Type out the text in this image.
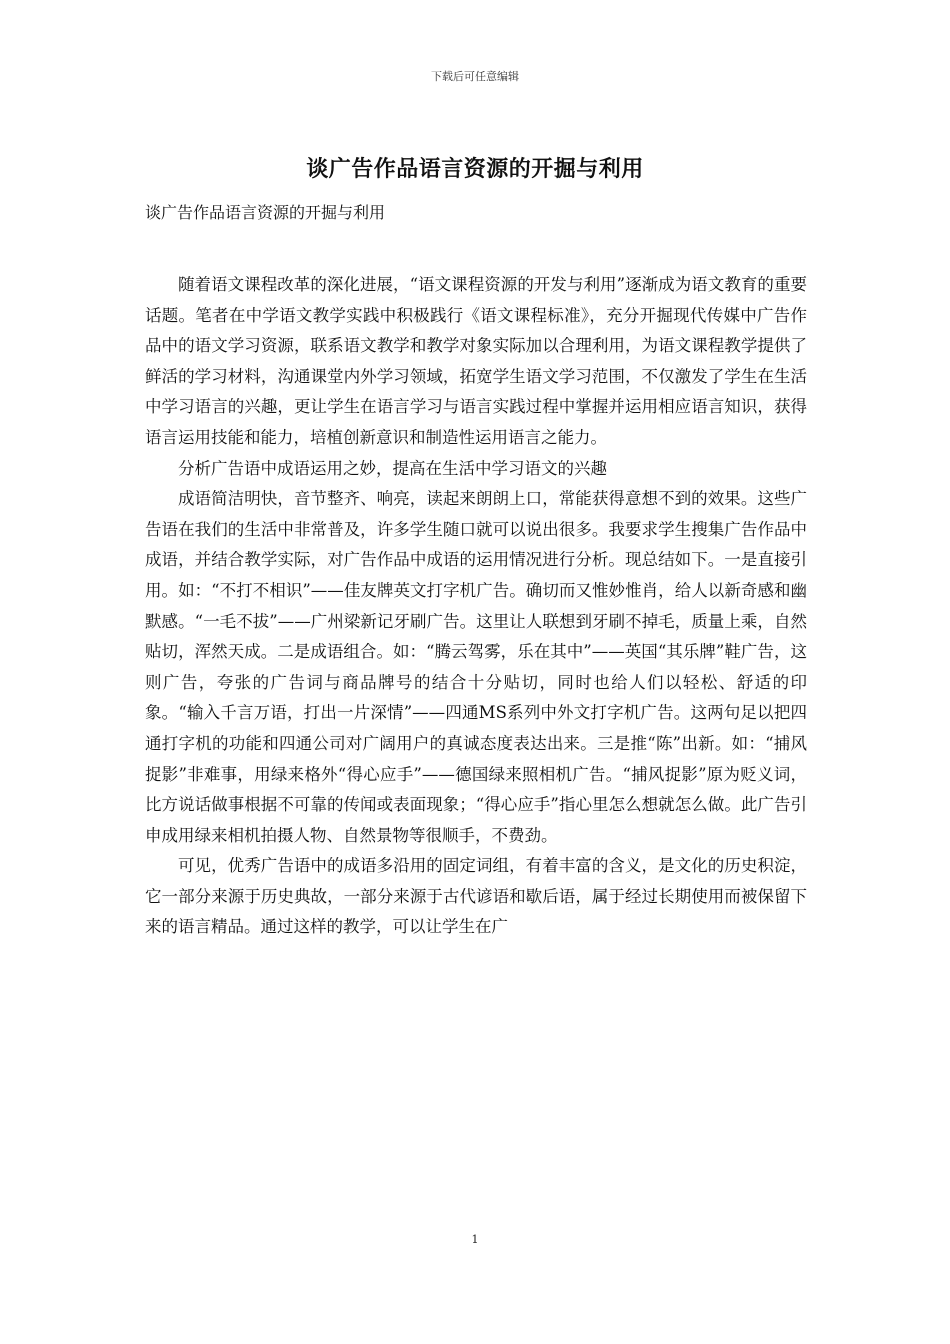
下载后可任意编辑
谈广告作品语言资源的开掘与利用
谈广告作品语言资源的开掘与利用

随着语文课程改革的深化进展，“语文课程资源的开发与利用”逐渐成为语文教育的重要话题。笔者在中学语文教学实践中积极践行《语文课程标准》，充分开掘现代传媒中广告作品中的语文学习资源，联系语文教学和教学对象实际加以合理利用，为语文课程教学提供了鲜活的学习材料，沟通课堂内外学习领域，拓宽学生语文学习范围，不仅激发了学生在生活中学习语言的兴趣，更让学生在语言学习与语言实践过程中掌握并运用相应语言知识，获得语言运用技能和能力，培植创新意识和制造性运用语言之能力。

分析广告语中成语运用之妙，提高在生活中学习语文的兴趣

成语简洁明快，音节整齐、响亮，读起来朗朗上口，常能获得意想不到的效果。这些广告语在我们的生活中非常普及，许多学生随口就可以说出很多。我要求学生搜集广告作品中成语，并结合教学实际，对广告作品中成语的运用情况进行分析。现总结如下。一是直接引用。如：“不打不相识”——佳友牌英文打字机广告。确切而又惟妙惟肖，给人以新奇感和幽默感。“一毛不拔”——广州梁新记牙刷广告。这里让人联想到牙刷不掉毛，质量上乘，自然贴切，浑然天成。二是成语组合。如：“腾云驾雾，乐在其中”——英国“其乐牌”鞋广告，这则广告，夸张的广告词与商品牌号的结合十分贴切，同时也给人们以轻松、舒适的印象。“输入千言万语，打出一片深情”——四通MS系列中外文打字机广告。这两句足以把四通打字机的功能和四通公司对广阔用户的真诚态度表达出来。三是推“陈”出新。如：“捕风捉影”非难事，用绿来格外“得心应手”——德国绿来照相机广告。“捕风捉影”原为贬义词，比方说话做事根据不可靠的传闻或表面现象；“得心应手”指心里怎么想就怎么做。此广告引申成用绿来相机拍摄人物、自然景物等很顺手，不费劲。

可见，优秀广告语中的成语多沿用的固定词组，有着丰富的含义，是文化的历史积淀，它一部分来源于历史典故，一部分来源于古代谚语和歇后语，属于经过长期使用而被保留下来的语言精品。通过这样的教学，可以让学生在广

1
